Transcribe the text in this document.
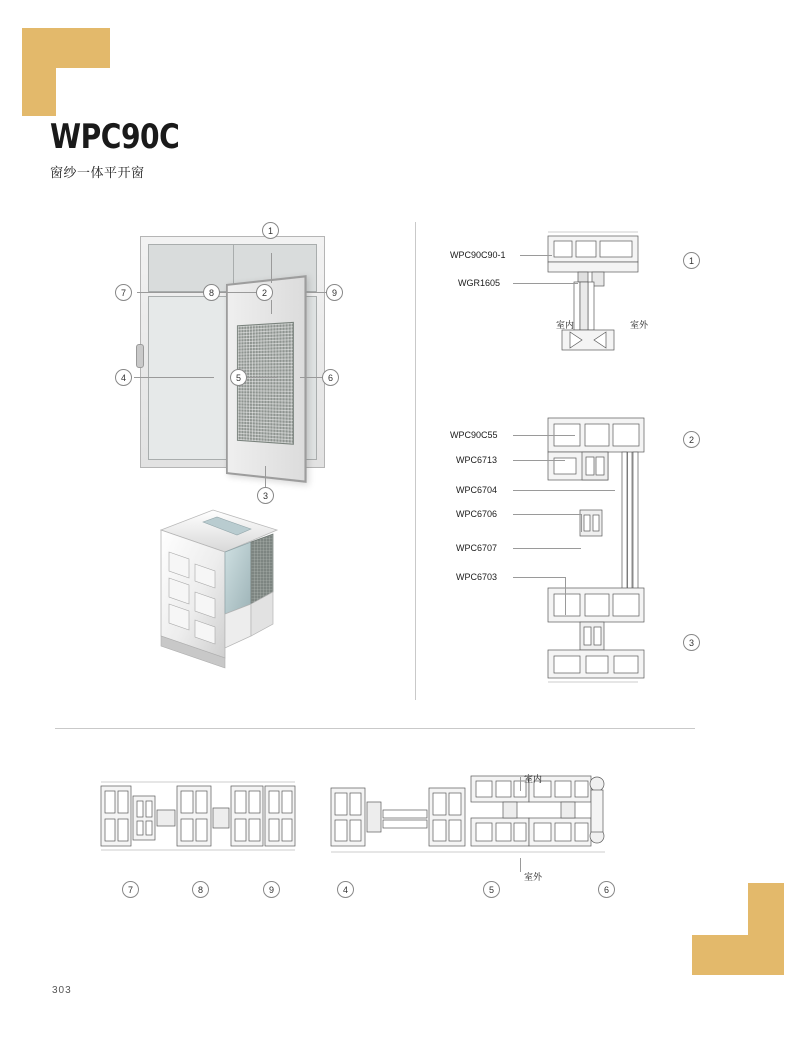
WPC90C
窗纱一体平开窗
1
7	8	2	9
4	5	6
3
WPC90C90-1
WGR1605
室内	室外
WPC90C55
WPC6713
WPC6704
WPC6706
WPC6707
WPC6703
1
2
3
室内
室外
7	8	9	4	5	6
303
